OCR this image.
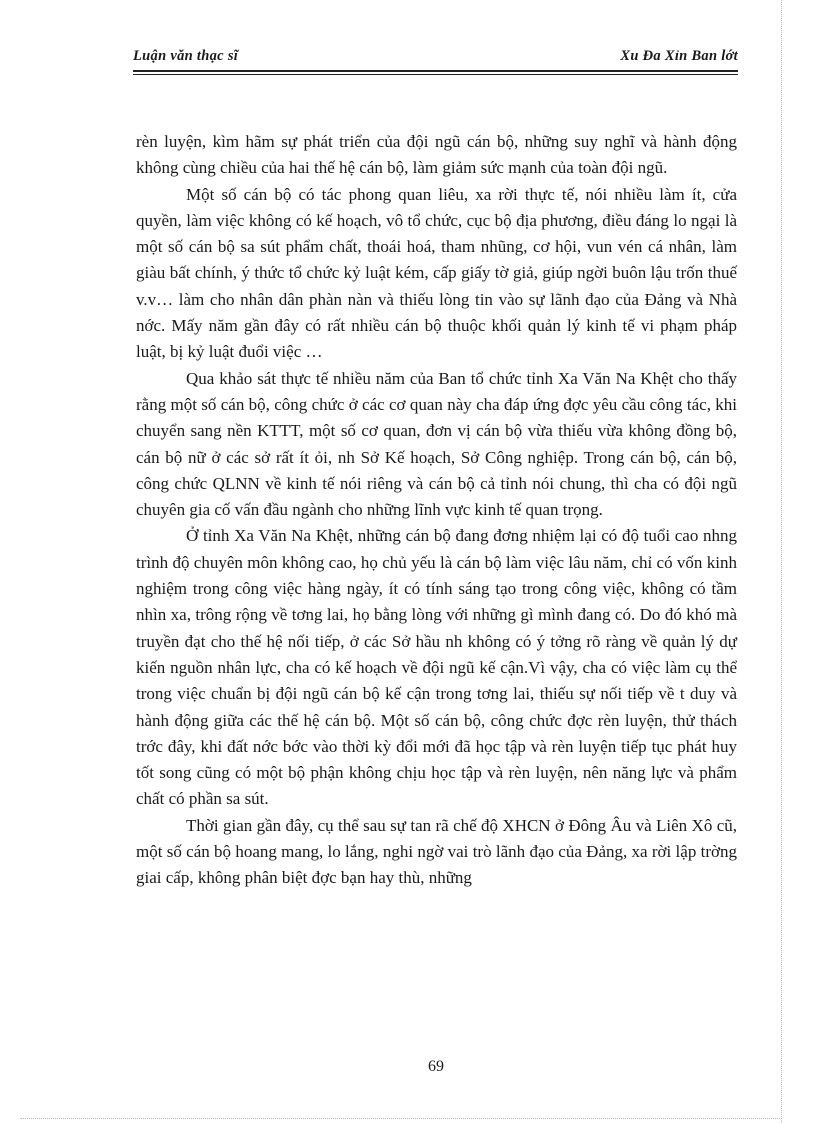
Luận văn thạc sĩ	Xu Đa Xỉn Ban lớt

rèn luyện, kìm hãm sự phát triển của đội ngũ cán bộ, những suy nghĩ và hành động không cùng chiều của hai thế hệ cán bộ, làm giảm sức mạnh của toàn đội ngũ.

Một số cán bộ có tác phong quan liêu, xa rời thực tế, nói nhiều làm ít, cửa quyền, làm việc không có kế hoạch, vô tổ chức, cục bộ địa phương, điều đáng lo ngại là một số cán bộ sa sút phẩm chất, thoái hoá, tham nhũng, cơ hội, vun vén cá nhân, làm giàu bất chính, ý thức tổ chức kỷ luật kém, cấp giấy tờ giả, giúp ngời buôn lậu trốn thuế v.v… làm cho nhân dân phàn nàn và thiếu lòng tin vào sự lãnh đạo của Đảng và Nhà nớc. Mấy năm gần đây có rất nhiều cán bộ thuộc khối quản lý kinh tế vi phạm pháp luật, bị kỷ luật đuổi việc …

Qua khảo sát thực tế nhiều năm của Ban tổ chức tỉnh Xa Văn Na Khệt cho thấy rằng một số cán bộ, công chức ở các cơ quan này cha đáp ứng đợc yêu cầu công tác, khi chuyển sang nền KTTT, một số cơ quan, đơn vị cán bộ vừa thiếu vừa không đồng bộ, cán bộ nữ ở các sở rất ít ỏi, nh Sở Kế hoạch, Sở Công nghiệp. Trong cán bộ, cán bộ, công chức QLNN về kinh tế nói riêng và cán bộ cả tỉnh nói chung, thì cha có đội ngũ chuyên gia cố vấn đầu ngành cho những lĩnh vực kinh tế quan trọng.

Ở tỉnh Xa Văn Na Khệt, những cán bộ đang đơng nhiệm lại có độ tuổi cao nhng trình độ chuyên môn không cao, họ chủ yếu là cán bộ làm việc lâu năm, chỉ có vốn kinh nghiệm trong công việc hàng ngày, ít có tính sáng tạo trong công việc, không có tầm nhìn xa, trông rộng về tơng lai, họ bằng lòng với những gì mình đang có. Do đó khó mà truyền đạt cho thế hệ nối tiếp, ở các Sở hầu nh không có ý tởng rõ ràng về quản lý dự kiến nguồn nhân lực, cha có kế hoạch về đội ngũ kế cận.Vì vậy, cha có việc làm cụ thể trong việc chuẩn bị đội ngũ cán bộ kế cận trong tơng lai, thiếu sự nối tiếp về t duy và hành động giữa các thế hệ cán bộ. Một số cán bộ, công chức đợc rèn luyện, thử thách trớc đây, khi đất nớc bớc vào thời kỳ đổi mới đã học tập và rèn luyện tiếp tục phát huy tốt song cũng có một bộ phận không chịu học tập và rèn luyện, nên năng lực và phẩm chất có phần sa sút.

Thời gian gần đây, cụ thể sau sự tan rã chế độ XHCN ở Đông Âu và Liên Xô cũ, một số cán bộ hoang mang, lo lắng, nghi ngờ vai trò lãnh đạo của Đảng, xa rời lập trờng giai cấp, không phân biệt đợc bạn hay thù, những

69
